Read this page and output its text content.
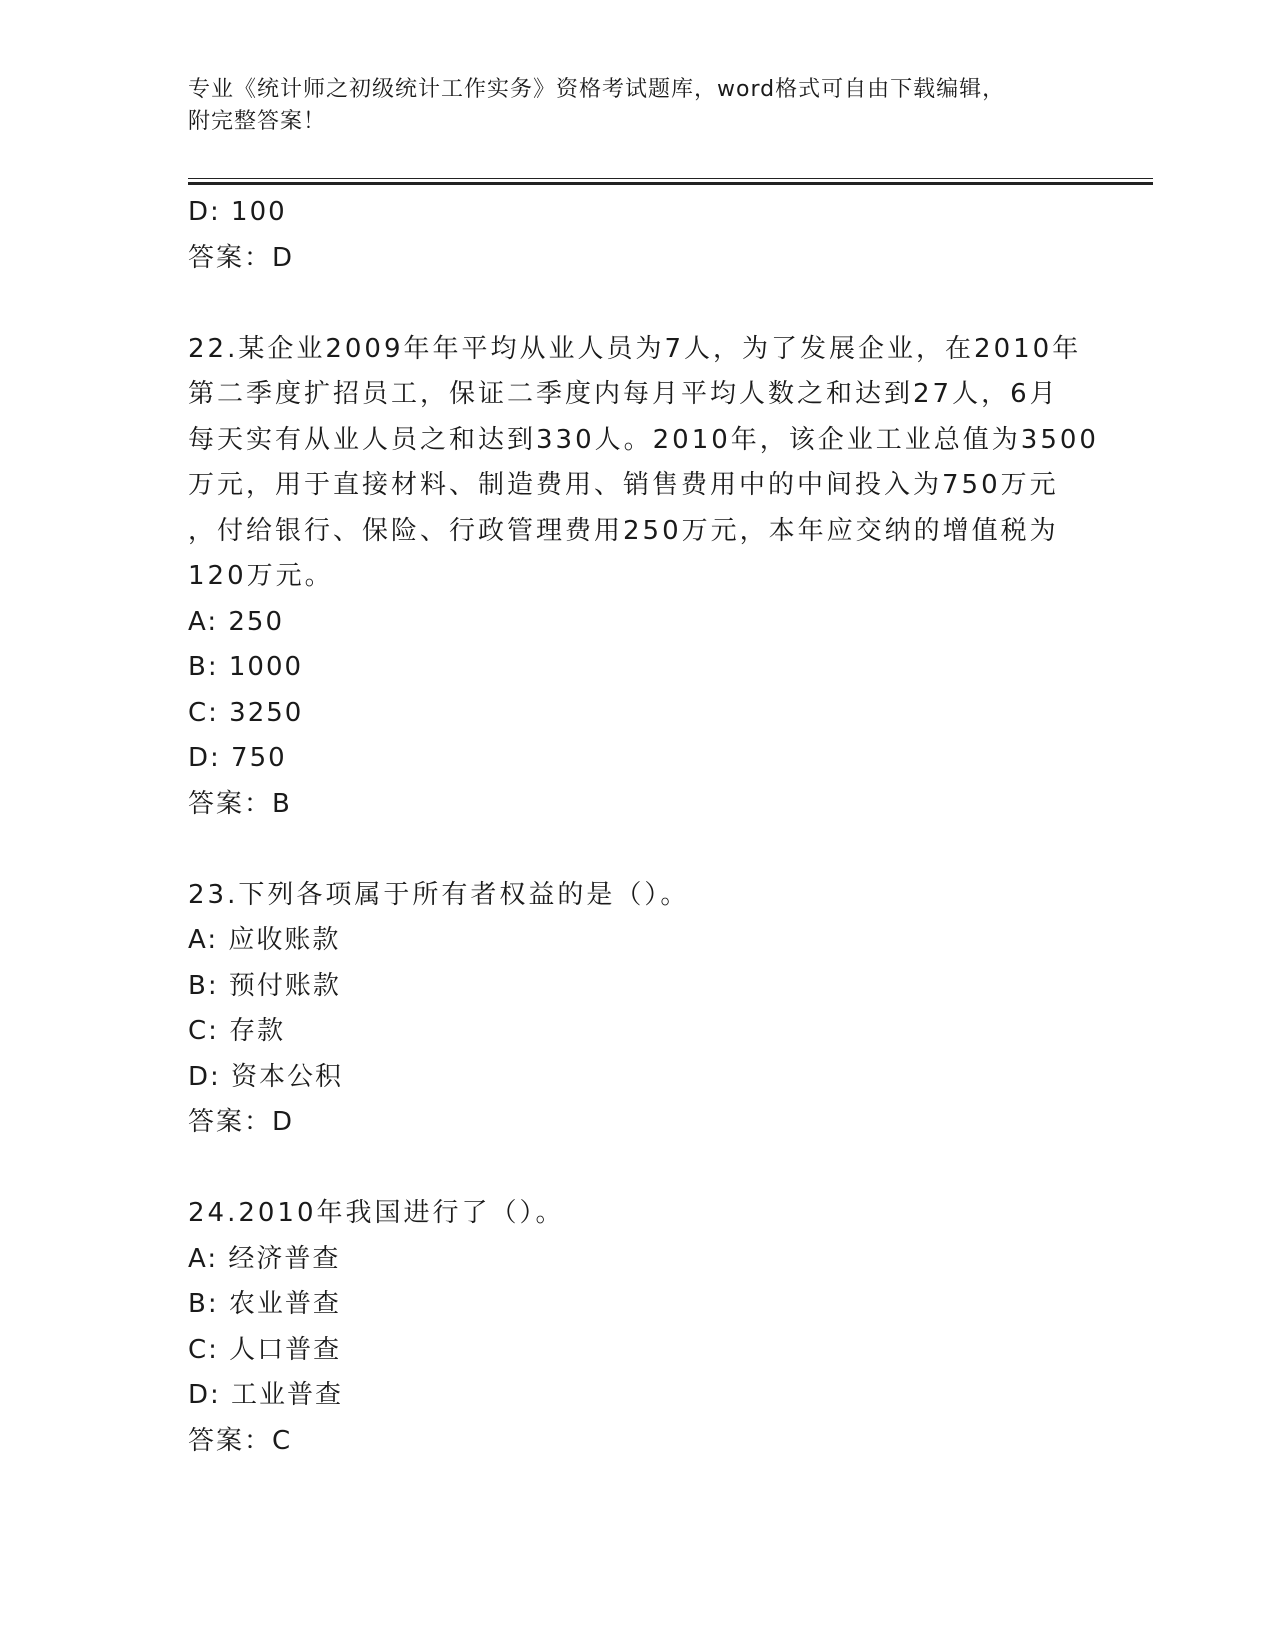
专业《统计师之初级统计工作实务》资格考试题库，word格式可自由下载编辑，
附完整答案！
D: 100
答案：D
22.某企业2009年年平均从业人员为7人，为了发展企业，在2010年
第二季度扩招员工，保证二季度内每月平均人数之和达到27人，6月
每天实有从业人员之和达到330人。2010年，该企业工业总值为3500
万元，用于直接材料、制造费用、销售费用中的中间投入为750万元
，付给银行、保险、行政管理费用250万元，本年应交纳的增值税为
120万元。
A: 250
B: 1000
C: 3250
D: 750
答案：B
23.下列各项属于所有者权益的是（）。
A: 应收账款
B: 预付账款
C: 存款
D: 资本公积
答案：D
24.2010年我国进行了（）。
A: 经济普查
B: 农业普查
C: 人口普查
D: 工业普查
答案：C
